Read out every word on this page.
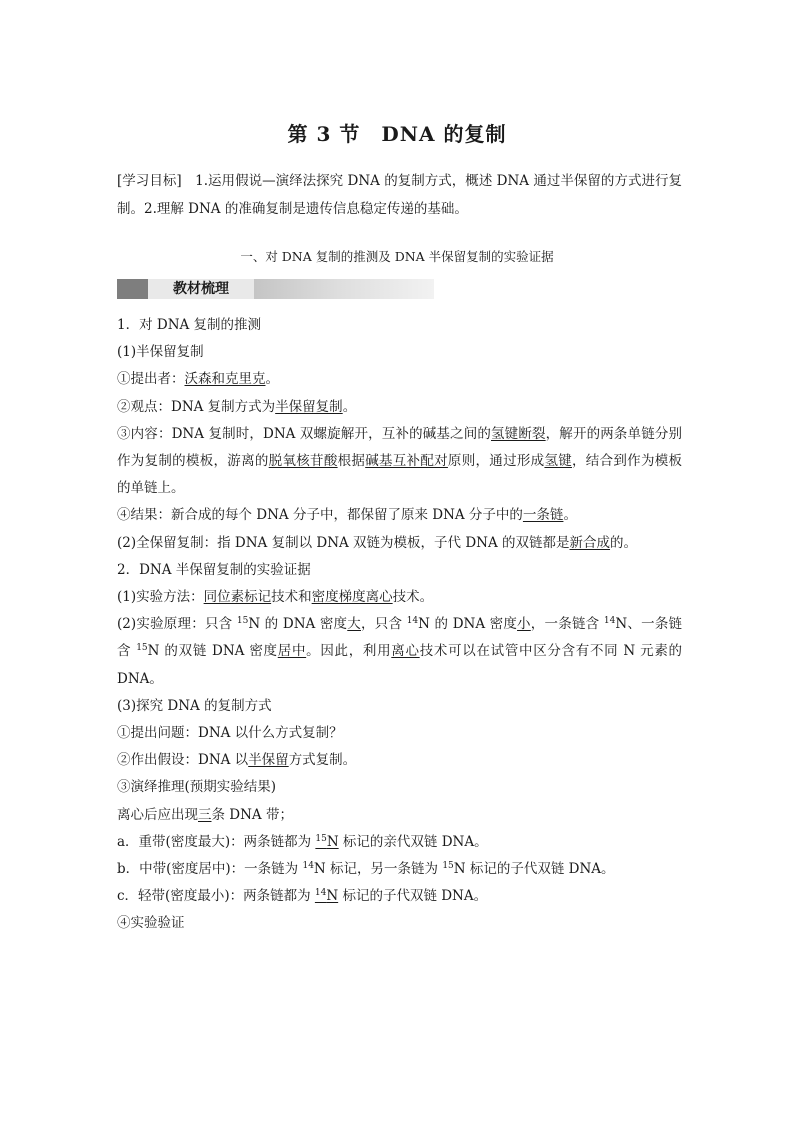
第 3 节　DNA 的复制
[学习目标]　1.运用假说—演绎法探究 DNA 的复制方式，概述 DNA 通过半保留的方式进行复制。2.理解 DNA 的准确复制是遗传信息稳定传递的基础。
一、对 DNA 复制的推测及 DNA 半保留复制的实验证据
教材梳理
1．对 DNA 复制的推测
(1)半保留复制
①提出者：沃森和克里克。
②观点：DNA 复制方式为半保留复制。
③内容：DNA 复制时，DNA 双螺旋解开，互补的碱基之间的氢键断裂，解开的两条单链分别作为复制的模板，游离的脱氧核苷酸根据碱基互补配对原则，通过形成氢键，结合到作为模板的单链上。
④结果：新合成的每个 DNA 分子中，都保留了原来 DNA 分子中的一条链。
(2)全保留复制：指 DNA 复制以 DNA 双链为模板，子代 DNA 的双链都是新合成的。
2．DNA 半保留复制的实验证据
(1)实验方法：同位素标记技术和密度梯度离心技术。
(2)实验原理：只含 $^{15}$N 的 DNA 密度大，只含 $^{14}$N 的 DNA 密度小，一条链含 $^{14}$N、一条链含 $^{15}$N 的双链 DNA 密度居中。因此，利用离心技术可以在试管中区分含有不同 N 元素的 DNA。
(3)探究 DNA 的复制方式
①提出问题：DNA 以什么方式复制？
②作出假设：DNA 以半保留方式复制。
③演绎推理(预期实验结果)
离心后应出现三条 DNA 带；
a．重带(密度最大)：两条链都为 $^{15}$N 标记的亲代双链 DNA。
b．中带(密度居中)：一条链为 $^{14}$N 标记，另一条链为 $^{15}$N 标记的子代双链 DNA。
c．轻带(密度最小)：两条链都为 $^{14}$N 标记的子代双链 DNA。
④实验验证
